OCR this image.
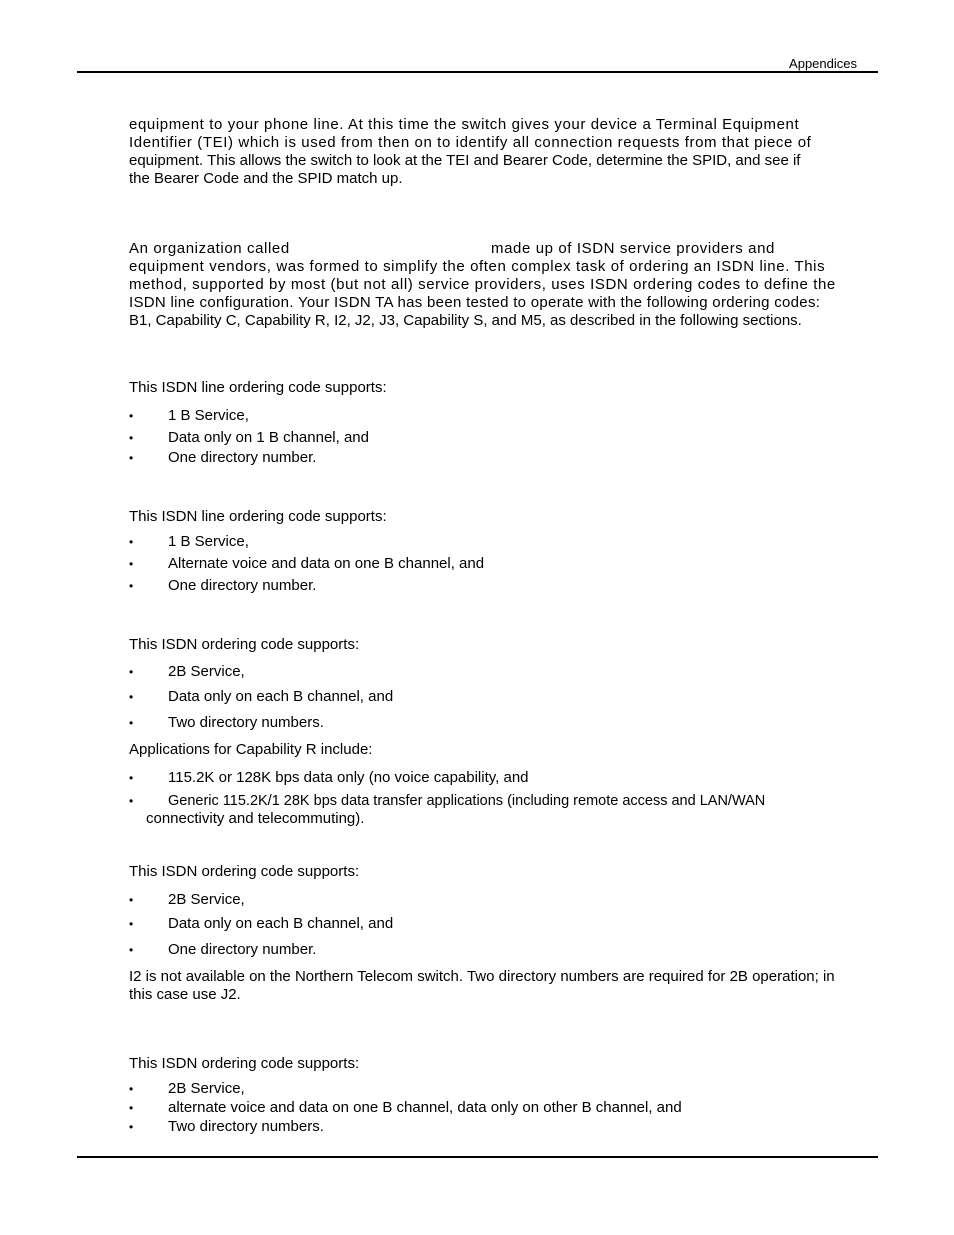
Appendices
equipment to your phone line. At this time the switch gives your device a Terminal Equipment
Identifier (TEI) which is used from then on to identify all connection requests from that piece of
equipment. This allows the switch to look at the TEI and Bearer Code, determine the SPID, and see if
the Bearer Code and the SPID match up.
An organization called	made up of ISDN service providers and
equipment vendors, was formed to simplify the often complex task of ordering an ISDN line. This
method, supported by most (but not all) service providers, uses ISDN ordering codes to define the
ISDN line configuration. Your ISDN TA has been tested to operate with the following ordering codes:
B1, Capability C, Capability R, I2, J2, J3, Capability S, and M5, as described in the following sections.
This ISDN line ordering code supports:
• 1 B Service,
• Data only on 1 B channel, and
• One directory number.
This ISDN line ordering code supports:
• 1 B Service,
• Alternate voice and data on one B channel, and
• One directory number.
This ISDN ordering code supports:
• 2B Service,
• Data only on each B channel, and
• Two directory numbers.
Applications for Capability R include:
• 115.2K or 128K bps data only (no voice capability, and
• Generic 115.2K/1 28K bps data transfer applications (including remote access and LAN/WAN
connectivity and telecommuting).
This ISDN ordering code supports:
• 2B Service,
• Data only on each B channel, and
• One directory number.
I2 is not available on the Northern Telecom switch. Two directory numbers are required for 2B operation; in
this case use J2.
This ISDN ordering code supports:
• 2B Service,
• alternate voice and data on one B channel, data only on other B channel, and
• Two directory numbers.
